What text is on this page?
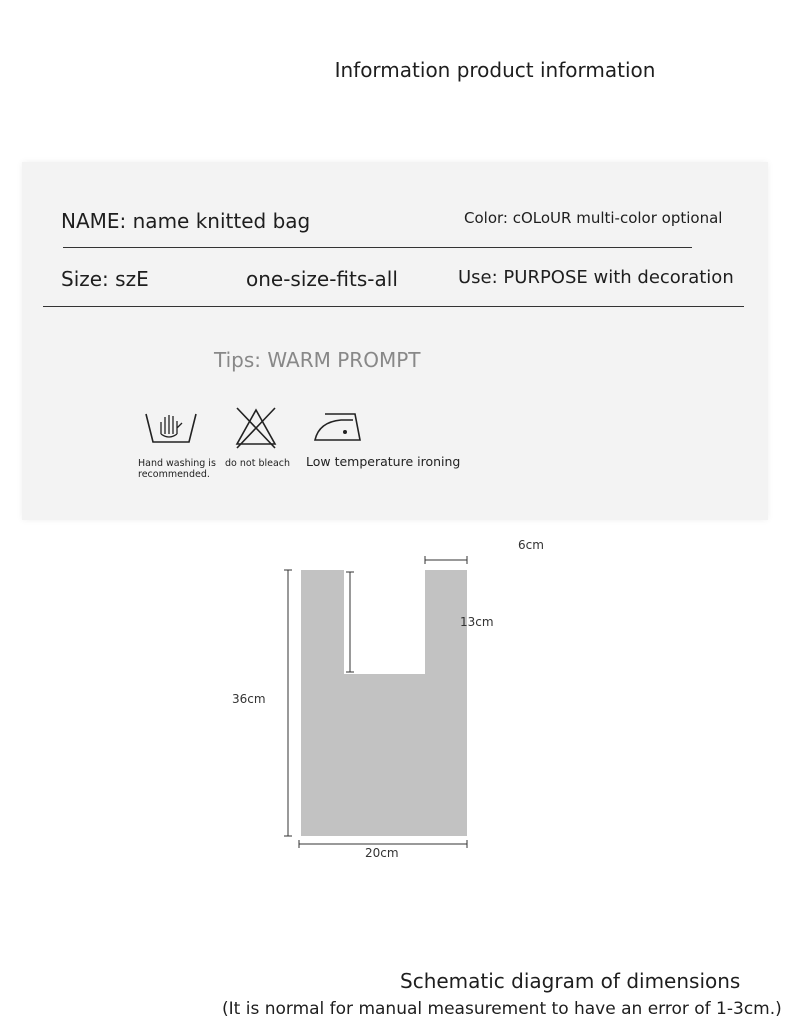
Information product information
NAME: name knitted bag	Color: cOLoUR multi-color optional
Size: szE	one-size-fits-all	Use: PURPOSE with decoration
Tips: WARM PROMPT
Hand washing is
recommended.
do not bleach Low temperature ironing
6cm
13cm
36cm
20cm
Schematic diagram of dimensions
(It is normal for manual measurement to have an error of 1-3cm.)
